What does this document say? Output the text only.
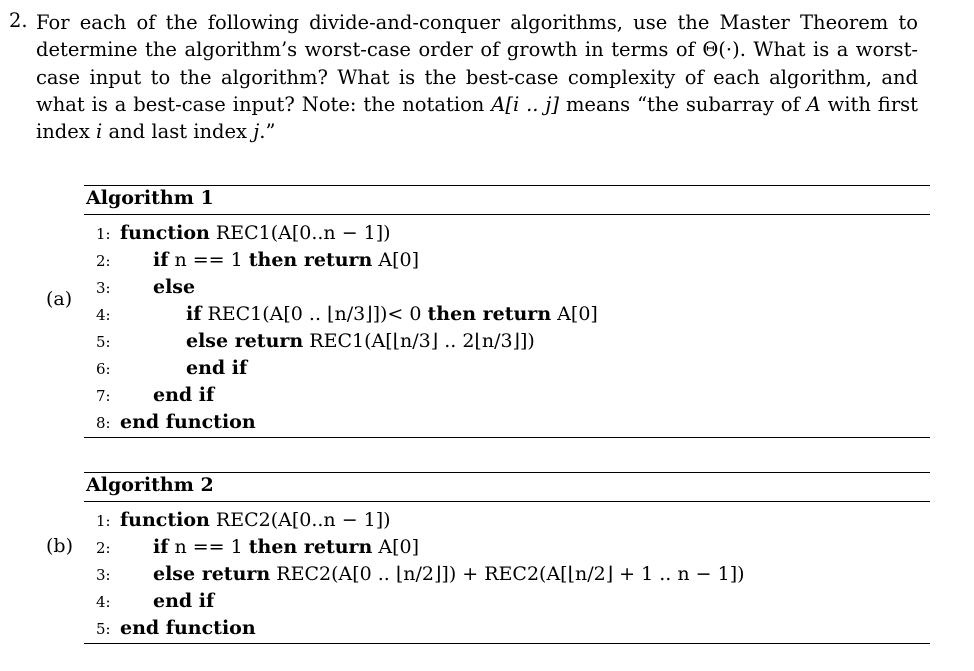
2. For each of the following divide-and-conquer algorithms, use the Master Theorem to determine the algorithm’s worst-case order of growth in terms of Θ(·). What is a worst-case input to the algorithm? What is the best-case complexity of each algorithm, and what is a best-case input? Note: the notation A[i .. j] means “the subarray of A with first index i and last index j.”
(a)
Algorithm 1
1: function REC1(A[0..n − 1])
2: if n == 1 then return A[0]
3: else
4:	if REC1(A[0 .. ⌊n/3⌋])< 0 then return A[0]
5:	else return REC1(A[⌊n/3⌋ .. 2⌊n/3⌋])
6:	end if
7: end if
8: end function
(b)
Algorithm 2
1: function REC2(A[0..n − 1])
2: if n == 1 then return A[0]
3: else return REC2(A[0 .. ⌊n/2⌋]) + REC2(A[⌊n/2⌋ + 1 .. n − 1])
4: end if
5: end function
